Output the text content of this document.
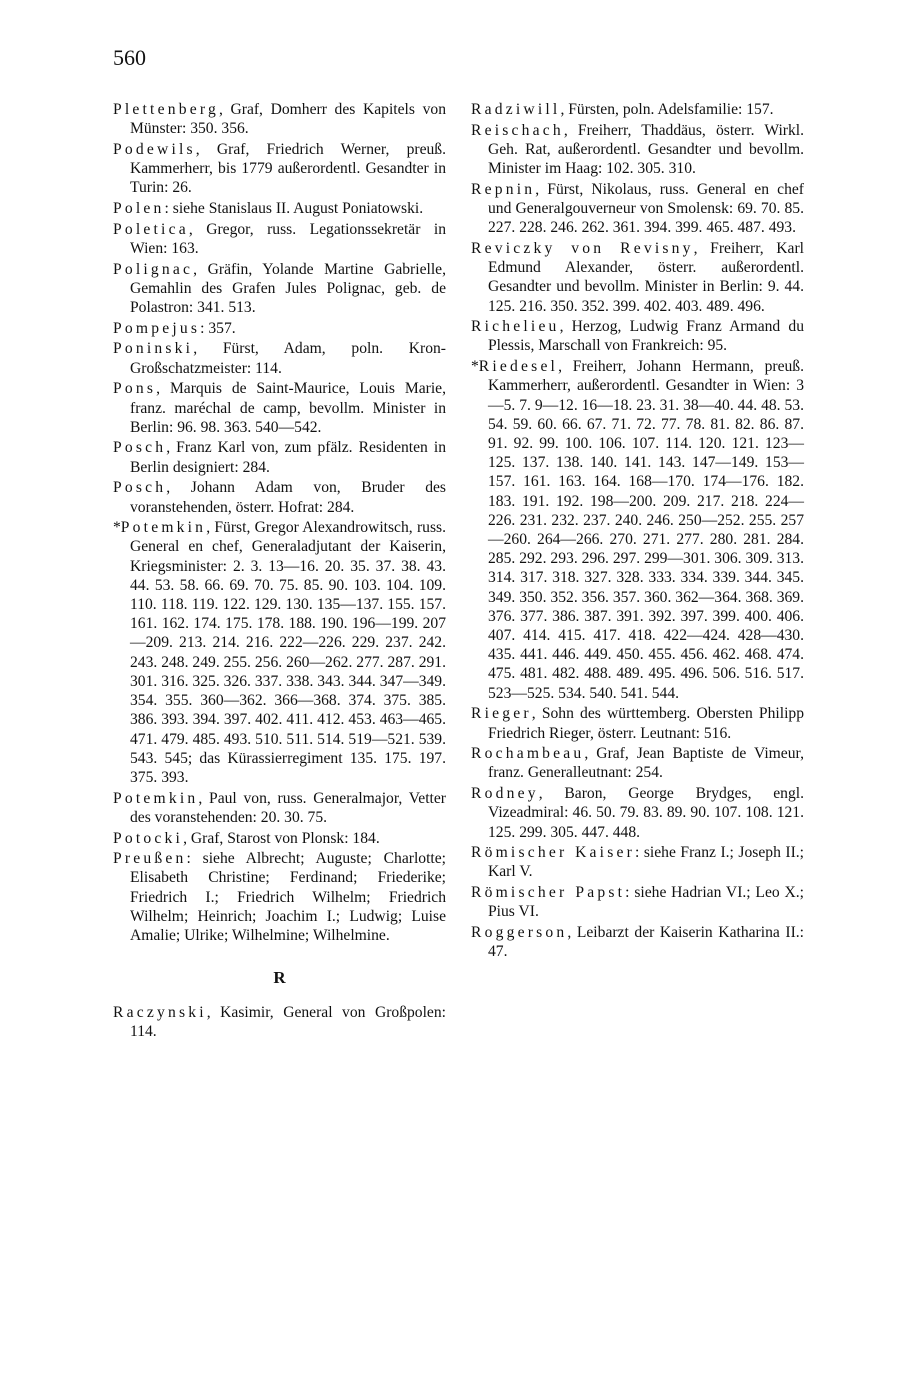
560
Plettenberg, Graf, Domherr des Kapitels von Münster: 350. 356.
Podewils, Graf, Friedrich Werner, preuß. Kammerherr, bis 1779 außerordentl. Gesandter in Turin: 26.
Polen: siehe Stanislaus II. August Poniatowski.
Poletica, Gregor, russ. Legationssekretär in Wien: 163.
Polignac, Gräfin, Yolande Martine Gabrielle, Gemahlin des Grafen Jules Polignac, geb. de Polastron: 341. 513.
Pompejus: 357.
Poninski, Fürst, Adam, poln. Kron-Großschatzmeister: 114.
Pons, Marquis de Saint-Maurice, Louis Marie, franz. maréchal de camp, bevollm. Minister in Berlin: 96. 98. 363. 540—542.
Posch, Franz Karl von, zum pfälz. Residenten in Berlin designiert: 284.
Posch, Johann Adam von, Bruder des voranstehenden, österr. Hofrat: 284.
*Potemkin, Fürst, Gregor Alexandrowitsch, russ. General en chef, Generaladjutant der Kaiserin, Kriegsminister: 2. 3. 13—16. 20. 35. 37. 38. 43. 44. 53. 58. 66. 69. 70. 75. 85. 90. 103. 104. 109. 110. 118. 119. 122. 129. 130. 135—137. 155. 157. 161. 162. 174. 175. 178. 188. 190. 196—199. 207—209. 213. 214. 216. 222—226. 229. 237. 242. 243. 248. 249. 255. 256. 260—262. 277. 287. 291. 301. 316. 325. 326. 337. 338. 343. 344. 347—349. 354. 355. 360—362. 366—368. 374. 375. 385. 386. 393. 394. 397. 402. 411. 412. 453. 463—465. 471. 479. 485. 493. 510. 511. 514. 519—521. 539. 543. 545; das Kürassierregiment 135. 175. 197. 375. 393.
Potemkin, Paul von, russ. Generalmajor, Vetter des voranstehenden: 20. 30. 75.
Potocki, Graf, Starost von Plonsk: 184.
Preußen: siehe Albrecht; Auguste; Charlotte; Elisabeth Christine; Ferdinand; Friederike; Friedrich I.; Friedrich Wilhelm; Friedrich Wilhelm; Heinrich; Joachim I.; Ludwig; Luise Amalie; Ulrike; Wilhelmine; Wilhelmine.
R
Raczynski, Kasimir, General von Großpolen: 114.
Radziwill, Fürsten, poln. Adelsfamilie: 157.
Reischach, Freiherr, Thaddäus, österr. Wirkl. Geh. Rat, außerordentl. Gesandter und bevollm. Minister im Haag: 102. 305. 310.
Repnin, Fürst, Nikolaus, russ. General en chef und Generalgouverneur von Smolensk: 69. 70. 85. 227. 228. 246. 262. 361. 394. 399. 465. 487. 493.
Reviczky von Revisny, Freiherr, Karl Edmund Alexander, österr. außerordentl. Gesandter und bevollm. Minister in Berlin: 9. 44. 125. 216. 350. 352. 399. 402. 403. 489. 496.
Richelieu, Herzog, Ludwig Franz Armand du Plessis, Marschall von Frankreich: 95.
*Riedesel, Freiherr, Johann Hermann, preuß. Kammerherr, außerordentl. Gesandter in Wien: 3—5. 7. 9—12. 16—18. 23. 31. 38—40. 44. 48. 53. 54. 59. 60. 66. 67. 71. 72. 77. 78. 81. 82. 86. 87. 91. 92. 99. 100. 106. 107. 114. 120. 121. 123—125. 137. 138. 140. 141. 143. 147—149. 153—157. 161. 163. 164. 168—170. 174—176. 182. 183. 191. 192. 198—200. 209. 217. 218. 224—226. 231. 232. 237. 240. 246. 250—252. 255. 257—260. 264—266. 270. 271. 277. 280. 281. 284. 285. 292. 293. 296. 297. 299—301. 306. 309. 313. 314. 317. 318. 327. 328. 333. 334. 339. 344. 345. 349. 350. 352. 356. 357. 360. 362—364. 368. 369. 376. 377. 386. 387. 391. 392. 397. 399. 400. 406. 407. 414. 415. 417. 418. 422—424. 428—430. 435. 441. 446. 449. 450. 455. 456. 462. 468. 474. 475. 481. 482. 488. 489. 495. 496. 506. 516. 517. 523—525. 534. 540. 541. 544.
Rieger, Sohn des württemberg. Obersten Philipp Friedrich Rieger, österr. Leutnant: 516.
Rochambeau, Graf, Jean Baptiste de Vimeur, franz. Generalleutnant: 254.
Rodney, Baron, George Brydges, engl. Vizeadmiral: 46. 50. 79. 83. 89. 90. 107. 108. 121. 125. 299. 305. 447. 448.
Römischer Kaiser: siehe Franz I.; Joseph II.; Karl V.
Römischer Papst: siehe Hadrian VI.; Leo X.; Pius VI.
Roggerson, Leibarzt der Kaiserin Katharina II.: 47.
